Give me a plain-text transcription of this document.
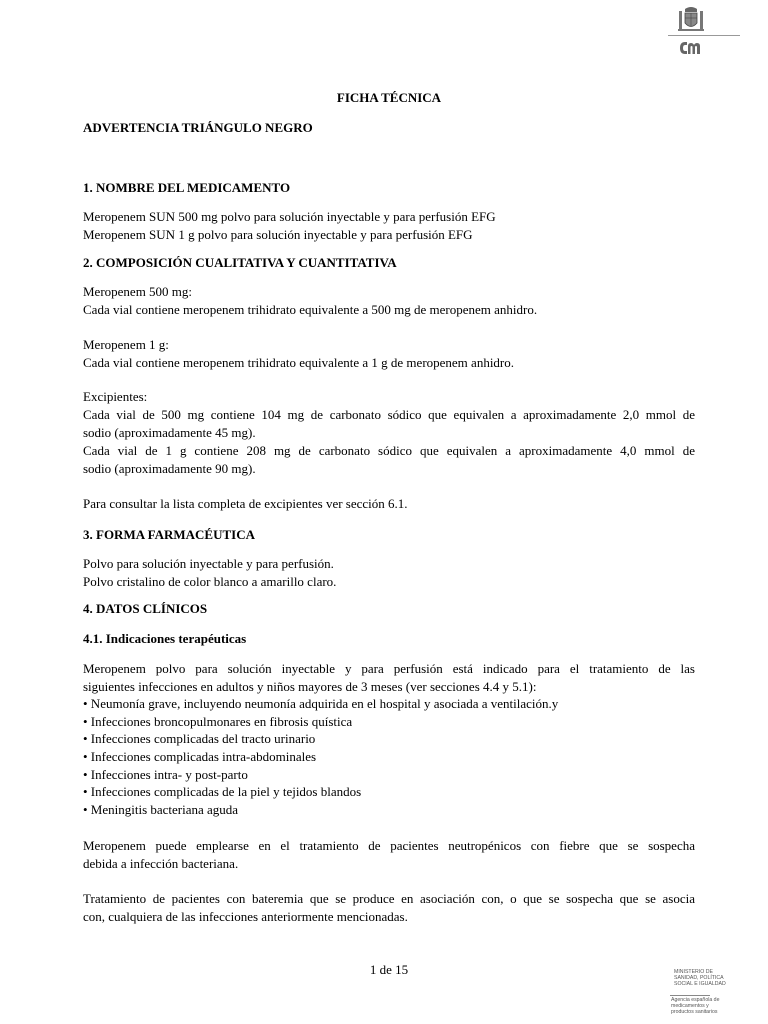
FICHA TÉCNICA
ADVERTENCIA TRIÁNGULO NEGRO
1. NOMBRE DEL MEDICAMENTO
Meropenem SUN 500 mg polvo para solución inyectable y para perfusión EFG
Meropenem SUN 1 g polvo para solución inyectable y para perfusión EFG
2. COMPOSICIÓN CUALITATIVA Y CUANTITATIVA
Meropenem 500 mg:
Cada vial contiene meropenem trihidrato equivalente a 500 mg de meropenem anhidro.
Meropenem 1 g:
Cada vial contiene meropenem trihidrato equivalente a 1 g de meropenem anhidro.
Excipientes:
Cada vial de 500 mg contiene 104 mg de carbonato sódico que equivalen a aproximadamente 2,0 mmol de
sodio (aproximadamente 45 mg).
Cada vial de 1 g contiene 208 mg de carbonato sódico que equivalen a aproximadamente 4,0 mmol de
sodio (aproximadamente 90 mg).
Para consultar la lista completa de excipientes ver sección 6.1.
3. FORMA FARMACÉUTICA
Polvo para solución inyectable y para perfusión.
Polvo cristalino de color blanco a amarillo claro.
4. DATOS CLÍNICOS
4.1. Indicaciones terapéuticas
Meropenem polvo para solución inyectable y para perfusión está indicado para el tratamiento de las
siguientes infecciones en adultos y niños mayores de 3 meses (ver secciones 4.4 y 5.1):
• Neumonía grave, incluyendo neumonía adquirida en el hospital y asociada a ventilación.y
• Infecciones broncopulmonares en fibrosis quística
• Infecciones complicadas del tracto urinario
• Infecciones complicadas intra-abdominales
• Infecciones intra- y post-parto
• Infecciones complicadas de la piel y tejidos blandos
• Meningitis bacteriana aguda
Meropenem puede emplearse en el tratamiento de pacientes neutropénicos con fiebre que se sospecha
debida a infección bacteriana.
Tratamiento de pacientes con bateremia que se produce en asociación con, o que se sospecha que se asocia
con, cualquiera de las infecciones anteriormente mencionadas.
1 de 15	MINISTERIO DE
SANIDAD, POLÍTICA
SOCIAL E IGUALDAD
Agencia española de
medicamentos y
productos sanitarios
